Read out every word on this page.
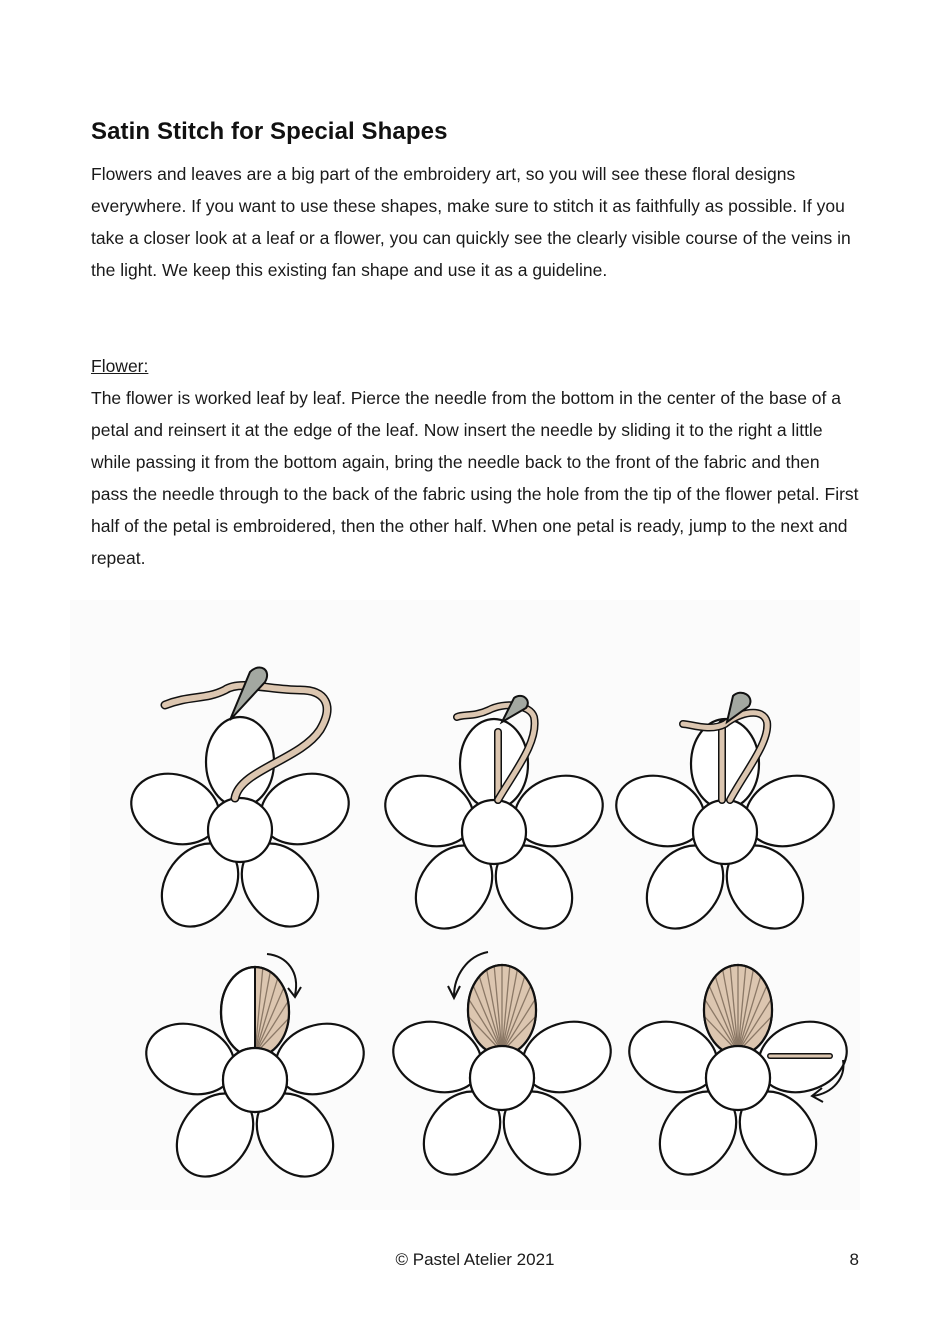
Satin Stitch for Special Shapes

Flowers and leaves are a big part of the embroidery art, so you will see these floral designs everywhere. If you want to use these shapes, make sure to stitch it as faithfully as possible. If you take a closer look at a leaf or a flower, you can quickly see the clearly visible course of the veins in the light. We keep this existing fan shape and use it as a guideline.

Flower:

The flower is worked leaf by leaf. Pierce the needle from the bottom in the center of the base of a petal and reinsert it at the edge of the leaf. Now insert the needle by sliding it to the right a little while passing it from the bottom again, bring the needle back to the front of the fabric and then pass the needle through to the back of the fabric using the hole from the tip of the flower petal. First half of the petal is embroidered, then the other half. When one petal is ready, jump to the next and repeat.

© Pastel Atelier 2021	8
